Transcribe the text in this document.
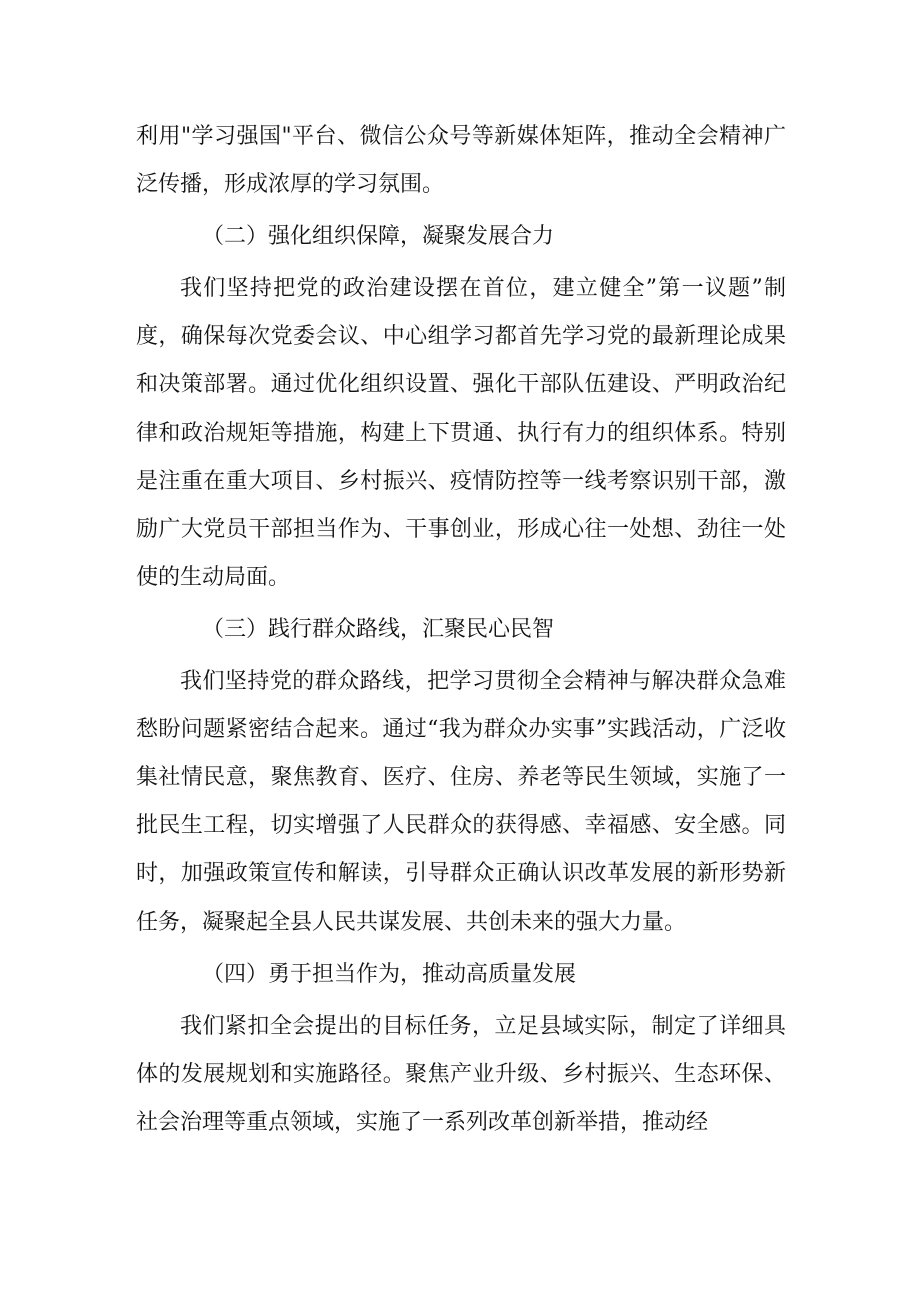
利用"学习强国"平台、微信公众号等新媒体矩阵，推动全会精神广泛传播，形成浓厚的学习氛围。

（二）强化组织保障，凝聚发展合力

我们坚持把党的政治建设摆在首位，建立健全”第一议题”制度，确保每次党委会议、中心组学习都首先学习党的最新理论成果和决策部署。通过优化组织设置、强化干部队伍建设、严明政治纪律和政治规矩等措施，构建上下贯通、执行有力的组织体系。特别是注重在重大项目、乡村振兴、疫情防控等一线考察识别干部，激励广大党员干部担当作为、干事创业，形成心往一处想、劲往一处使的生动局面。

（三）践行群众路线，汇聚民心民智

我们坚持党的群众路线，把学习贯彻全会精神与解决群众急难愁盼问题紧密结合起来。通过“我为群众办实事”实践活动，广泛收集社情民意，聚焦教育、医疗、住房、养老等民生领域，实施了一批民生工程，切实增强了人民群众的获得感、幸福感、安全感。同时，加强政策宣传和解读，引导群众正确认识改革发展的新形势新任务，凝聚起全县人民共谋发展、共创未来的强大力量。

（四）勇于担当作为，推动高质量发展

我们紧扣全会提出的目标任务，立足县域实际，制定了详细具体的发展规划和实施路径。聚焦产业升级、乡村振兴、生态环保、社会治理等重点领域，实施了一系列改革创新举措，推动经
